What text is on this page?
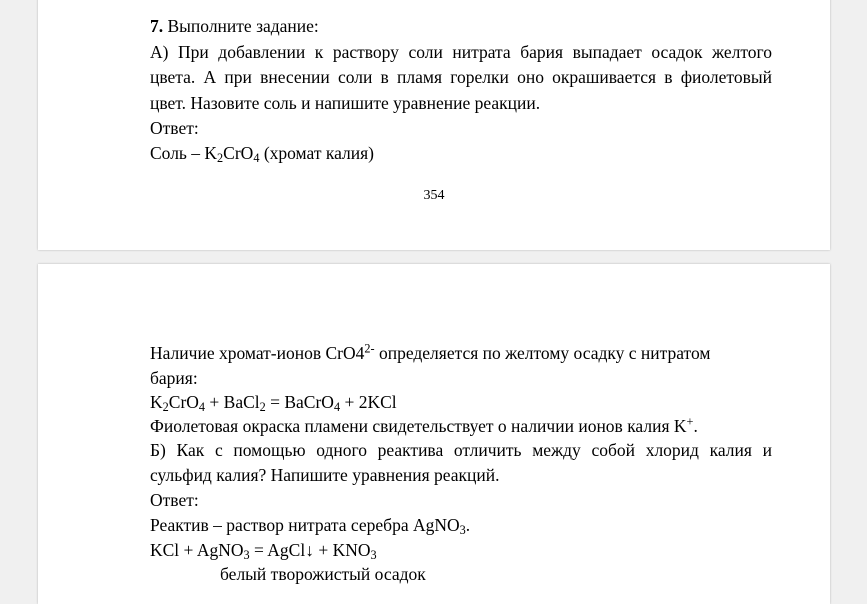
7. Выполните задание:
А) При добавлении к раствору соли нитрата бария выпадает осадок желтого
цвета. А при внесении соли в пламя горелки оно окрашивается в фиолетовый
цвет. Назовите соль и напишите уравнение реакции.
Ответ:
Соль – $K_2CrO_4$ (хромат калия)
354
Наличие хромат-ионов $CrO4^{2-}$ определяется по желтому осадку с нитратом
бария:
$K_2CrO_4$ + BaCl$_2$ = BaCrO$_4$ + 2KCl
Фиолетовая окраска пламени свидетельствует о наличии ионов калия K+.
Б) Как с помощью одного реактива отличить между собой хлорид калия и
сульфид калия? Напишите уравнения реакций.
Ответ:
Реактив – раствор нитрата серебра AgNO$_3$.
KCl + AgNO$_3$ = AgCl↓ + $KNO_3$
белый творожистый осадок
